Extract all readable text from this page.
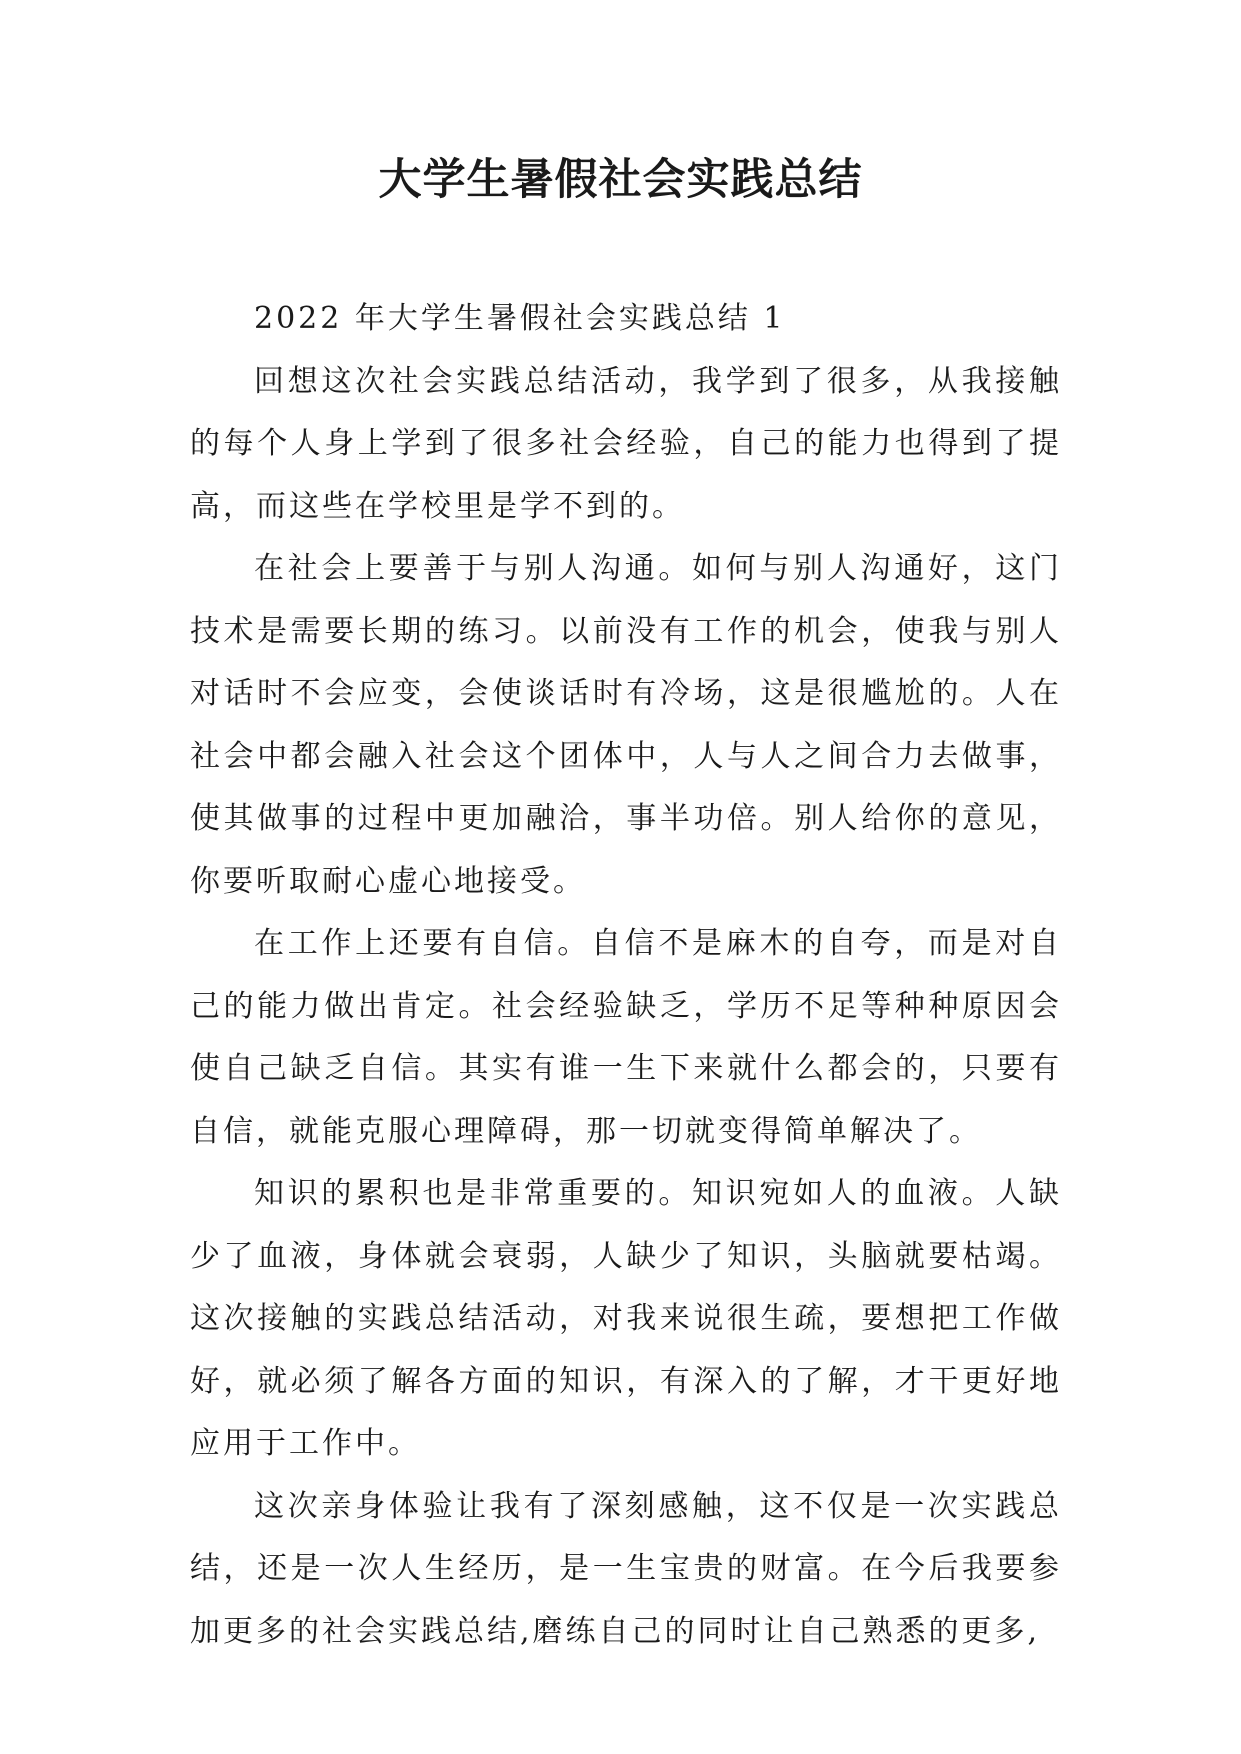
大学生暑假社会实践总结

2022 年大学生暑假社会实践总结 1

回想这次社会实践总结活动，我学到了很多，从我接触的每个人身上学到了很多社会经验，自己的能力也得到了提高，而这些在学校里是学不到的。

在社会上要善于与别人沟通。如何与别人沟通好，这门技术是需要长期的练习。以前没有工作的机会，使我与别人对话时不会应变，会使谈话时有冷场，这是很尴尬的。人在社会中都会融入社会这个团体中，人与人之间合力去做事，使其做事的过程中更加融洽，事半功倍。别人给你的意见，你要听取耐心虚心地接受。

在工作上还要有自信。自信不是麻木的自夸，而是对自己的能力做出肯定。社会经验缺乏，学历不足等种种原因会使自己缺乏自信。其实有谁一生下来就什么都会的，只要有自信，就能克服心理障碍，那一切就变得简单解决了。

知识的累积也是非常重要的。知识宛如人的血液。人缺少了血液，身体就会衰弱，人缺少了知识，头脑就要枯竭。这次接触的实践总结活动，对我来说很生疏，要想把工作做好，就必须了解各方面的知识，有深入的了解，才干更好地应用于工作中。

这次亲身体验让我有了深刻感触，这不仅是一次实践总结，还是一次人生经历，是一生宝贵的财富。在今后我要参加更多的社会实践总结,磨练自己的同时让自己熟悉的更多,
